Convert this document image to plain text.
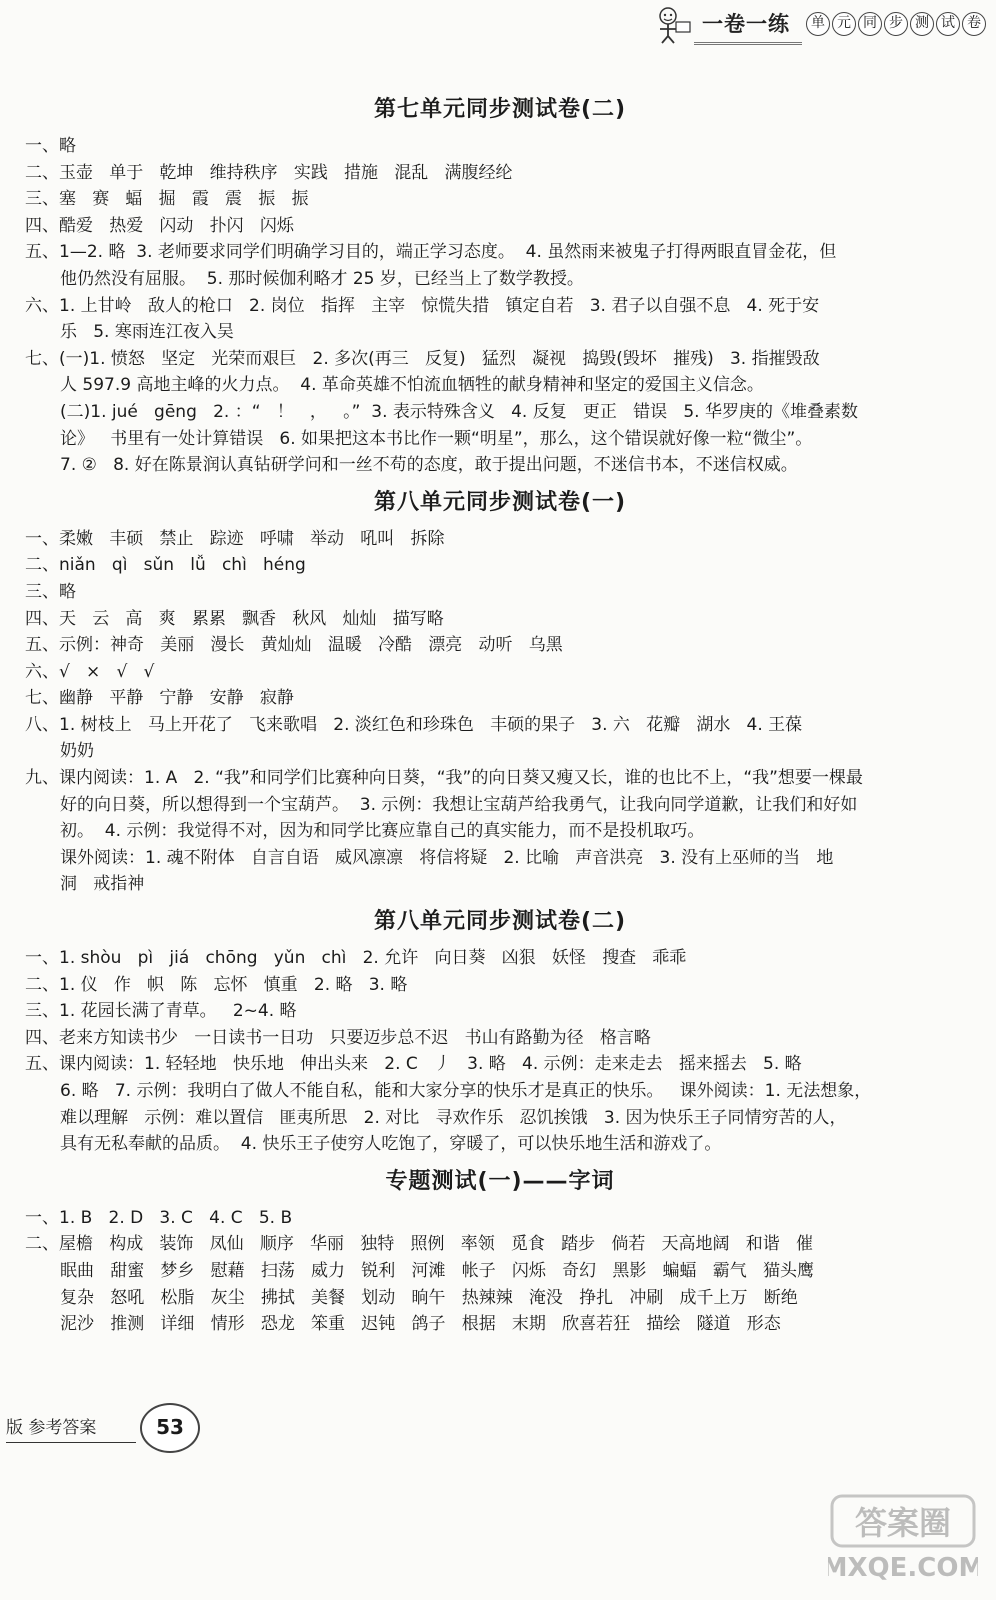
一卷一练	单 元 同 步 测 试 卷
第七单元同步测试卷(二)
一、略
二、玉壶   单于   乾坤   维持秩序   实践   措施   混乱   满腹经纶
三、塞   赛   蝠   掘   霞   震   振   振
四、酷爱   热爱   闪动   扑闪   闪烁
五、1—2. 略  3. 老师要求同学们明确学习目的，端正学习态度。  4. 虽然雨来被鬼子打得两眼直冒金花，但
他仍然没有屈服。  5. 那时候伽利略才 25 岁，已经当上了数学教授。
六、1. 上甘岭   敌人的枪口   2. 岗位   指挥   主宰   惊慌失措   镇定自若   3. 君子以自强不息   4. 死于安
乐   5. 寒雨连江夜入吴
七、(一)1. 愤怒   坚定   光荣而艰巨   2. 多次(再三   反复)   猛烈   凝视   捣毁(毁坏   摧残)   3. 指摧毁敌
人 597.9 高地主峰的火力点。  4. 革命英雄不怕流血牺牲的献身精神和坚定的爱国主义信念。
(二)1. jué   gēng   2. ：“   ！   ，   。”  3. 表示特殊含义   4. 反复   更正   错误   5. 华罗庚的《堆叠素数
论》   书里有一处计算错误   6. 如果把这本书比作一颗“明星”，那么，这个错误就好像一粒“微尘”。
7. ②   8. 好在陈景润认真钻研学问和一丝不苟的态度，敢于提出问题，不迷信书本，不迷信权威。
第八单元同步测试卷(一)
一、柔嫩   丰硕   禁止   踪迹   呼啸   举动   吼叫   拆除
二、niǎn   qì   sǔn   lǚ   chì   héng
三、略
四、天   云   高   爽   累累   飘香   秋风   灿灿   描写略
五、示例：神奇   美丽   漫长   黄灿灿   温暖   冷酷   漂亮   动听   乌黑
六、√   ×   √   √
七、幽静   平静   宁静   安静   寂静
八、1. 树枝上   马上开花了   飞来歌唱   2. 淡红色和珍珠色   丰硕的果子   3. 六   花瓣   湖水   4. 王葆
奶奶
九、课内阅读：1. A   2. “我”和同学们比赛种向日葵，“我”的向日葵又瘦又长，谁的也比不上，“我”想要一棵最
好的向日葵，所以想得到一个宝葫芦。  3. 示例：我想让宝葫芦给我勇气，让我向同学道歉，让我们和好如
初。  4. 示例：我觉得不对，因为和同学比赛应靠自己的真实能力，而不是投机取巧。
课外阅读：1. 魂不附体   自言自语   威风凛凛   将信将疑   2. 比喻   声音洪亮   3. 没有上巫师的当   地
洞   戒指神
第八单元同步测试卷(二)
一、1. shòu   pì   jiá   chōng   yǔn   chì   2. 允许   向日葵   凶狠   妖怪   搜查   乖乖
二、1. 仪   作   帜   陈   忘怀   慎重   2. 略   3. 略
三、1. 花园长满了青草。   2~4. 略
四、老来方知读书少   一日读书一日功   只要迈步总不迟   书山有路勤为径   格言略
五、课内阅读：1. 轻轻地   快乐地   伸出头来   2. C   丿   3. 略   4. 示例：走来走去   摇来摇去   5. 略
6. 略   7. 示例：我明白了做人不能自私，能和大家分享的快乐才是真正的快乐。   课外阅读：1. 无法想象，
难以理解   示例：难以置信   匪夷所思   2. 对比   寻欢作乐   忍饥挨饿   3. 因为快乐王子同情穷苦的人，
具有无私奉献的品质。  4. 快乐王子使穷人吃饱了，穿暖了，可以快乐地生活和游戏了。
专题测试(一)——字词
一、1. B   2. D   3. C   4. C   5. B
二、屋檐   构成   装饰   凤仙   顺序   华丽   独特   照例   率领   觅食   踏步   倘若   天高地阔   和谐   催
眠曲   甜蜜   梦乡   慰藉   扫荡   威力   锐利   河滩   帐子   闪烁   奇幻   黑影   蝙蝠   霸气   猫头鹰
复杂   怒吼   松脂   灰尘   拂拭   美餐   划动   晌午   热辣辣   淹没   挣扎   冲刷   成千上万   断绝
泥沙   推测   详细   情形   恐龙   笨重   迟钝   鸽子   根据   末期   欣喜若狂   描绘   隧道   形态
版 参考答案	53
答案圈
MXQE.COM
